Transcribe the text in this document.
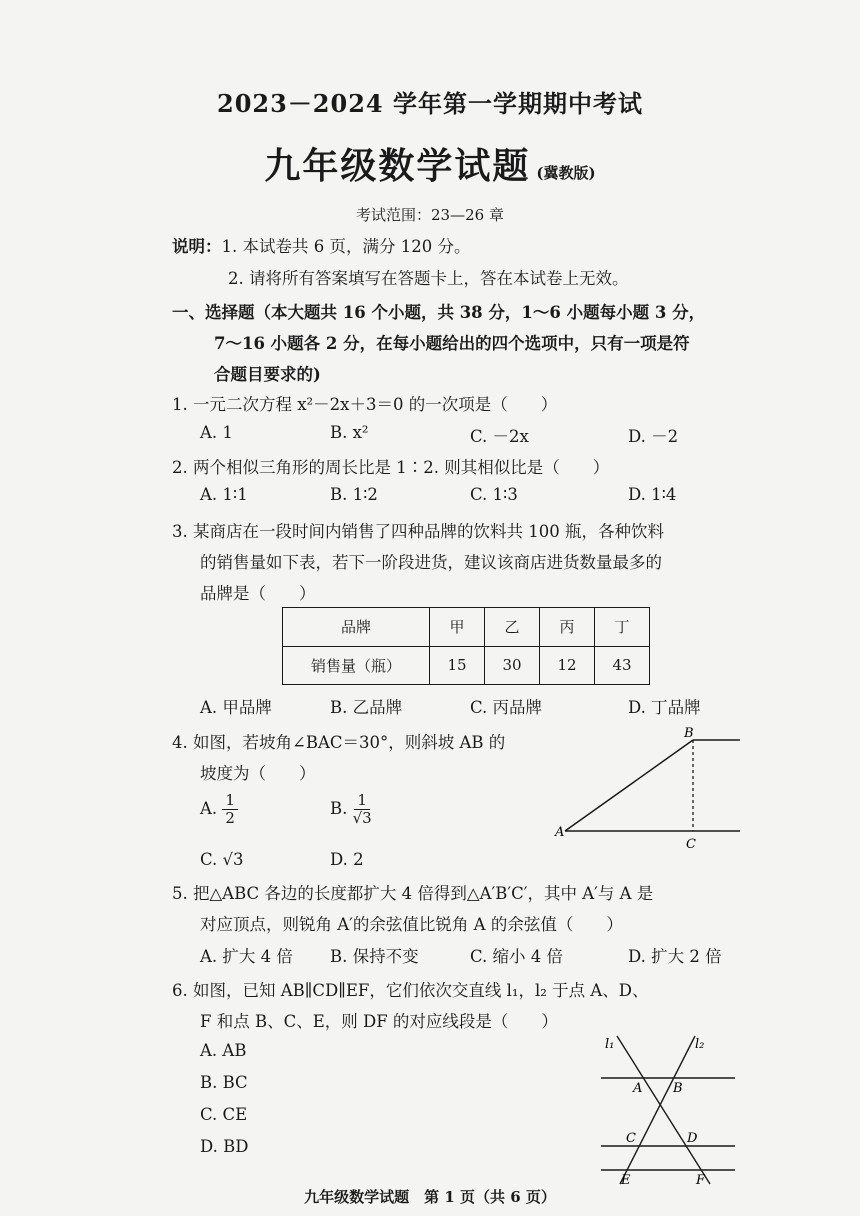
2023－2024 学年第一学期期中考试
九年级数学试题 (冀教版)
考试范围：23—26 章
说明：1. 本试卷共 6 页，满分 120 分。
2. 请将所有答案填写在答题卡上，答在本试卷上无效。
一、选择题（本大题共 16 个小题，共 38 分，1～6 小题每小题 3 分，
7～16 小题各 2 分，在每小题给出的四个选项中，只有一项是符
合题目要求的)
1. 一元二次方程 x²－2x＋3＝0 的一次项是（　　）
A. 1	B. x²	C. －2x	D. －2
2. 两个相似三角形的周长比是 1∶2. 则其相似比是（　　）
A. 1∶1	B. 1∶2	C. 1∶3	D. 1∶4
3. 某商店在一段时间内销售了四种品牌的饮料共 100 瓶，各种饮料
的销售量如下表，若下一阶段进货，建议该商店进货数量最多的
品牌是（　　）
品牌	甲	乙	丙	丁
销售量（瓶）	15	30	12	43
A. 甲品牌	B. 乙品牌	C. 丙品牌	D. 丁品牌
4. 如图，若坡角∠BAC＝30°，则斜坡 AB 的
坡度为（　　）
A. $\frac{1}{2}$	B. $\frac{1}{√3}$
C. √3	D. 2
A
B
C
5. 把△ABC 各边的长度都扩大 4 倍得到△A′B′C′，其中 A′与 A 是
对应顶点，则锐角 A′的余弦值比锐角 A 的余弦值（　　）
A. 扩大 4 倍 B. 保持不变	C. 缩小 4 倍	D. 扩大 2 倍
6. 如图，已知 AB∥CD∥EF，它们依次交直线 l₁，l₂ 于点 A、D、
F 和点 B、C、E，则 DF 的对应线段是（　　）
A. AB
B. BC
C. CE
D. BD
l₁	l₂
A B
C	D
E	F
九年级数学试题　第 1 页（共 6 页）
